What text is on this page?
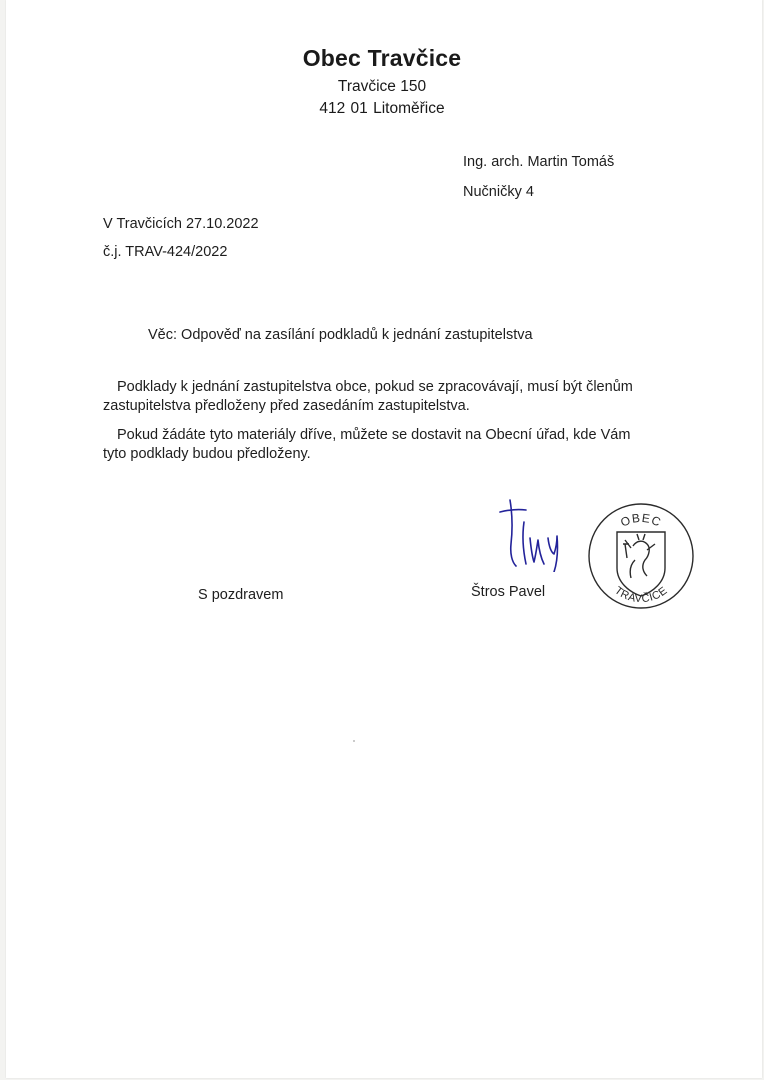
Obec Travčice
Travčice 150
412 01 Litoměřice
Ing. arch. Martin Tomáš
Nučničky 4
V Travčicích 27.10.2022
č.j. TRAV-424/2022
Věc: Odpověď na zasílání podkladů k jednání zastupitelstva
Podklady k jednání zastupitelstva obce, pokud se zpracovávají, musí být členům
zastupitelstva předloženy před zasedáním zastupitelstva.
Pokud žádáte tyto materiály dříve, můžete se dostavit na Obecní úřad, kde Vám
tyto podklady budou předloženy.
S pozdravem	Štros Pavel
OBEC
TRAVČICE
